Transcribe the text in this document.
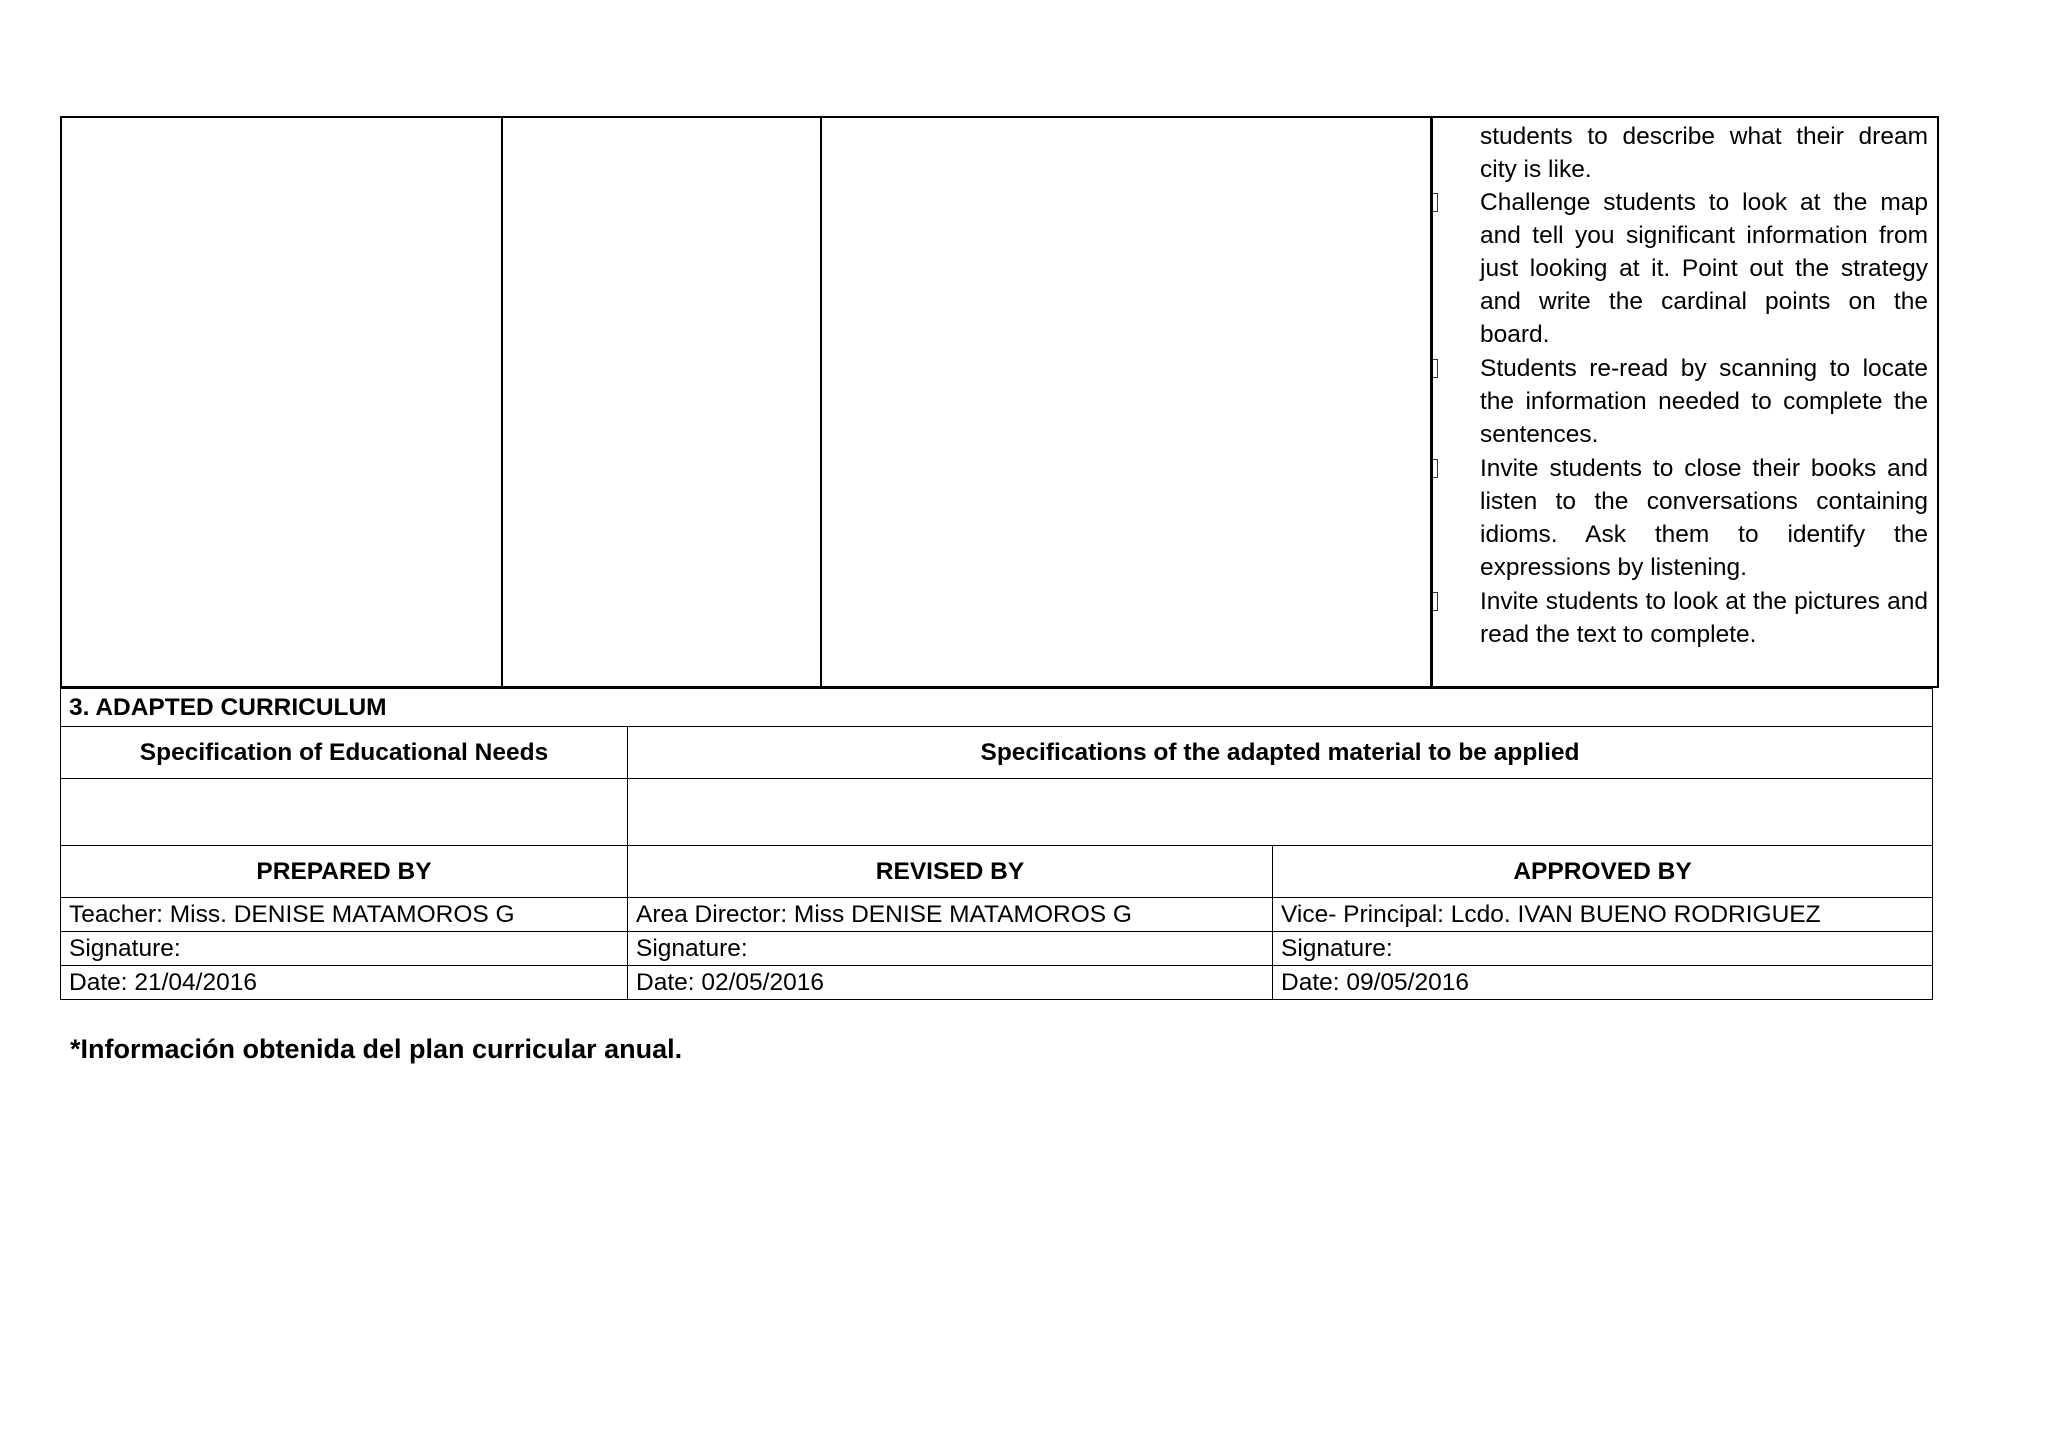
students to describe what their dream city is like.

Challenge students to look at the map and tell you significant information from just looking at it. Point out the strategy and write the cardinal points on the board.
Students re-read by scanning to locate the information needed to complete the sentences.
Invite students to close their books and listen to the conversations containing idioms. Ask them to identify the expressions by listening.
Invite students to look at the pictures and read the text to complete.
3. ADAPTED CURRICULUM		
Specification of Educational Needs	Specifications of the adapted material to be applied	

PREPARED BY	REVISED BY	APPROVED BY
Teacher: Miss. DENISE MATAMOROS G	Area Director: Miss DENISE MATAMOROS G	Vice- Principal: Lcdo. IVAN BUENO RODRIGUEZ
Signature:	Signature:	Signature:
Date: 21/04/2016	Date: 02/05/2016	Date: 09/05/2016
*Información obtenida del plan curricular anual.
